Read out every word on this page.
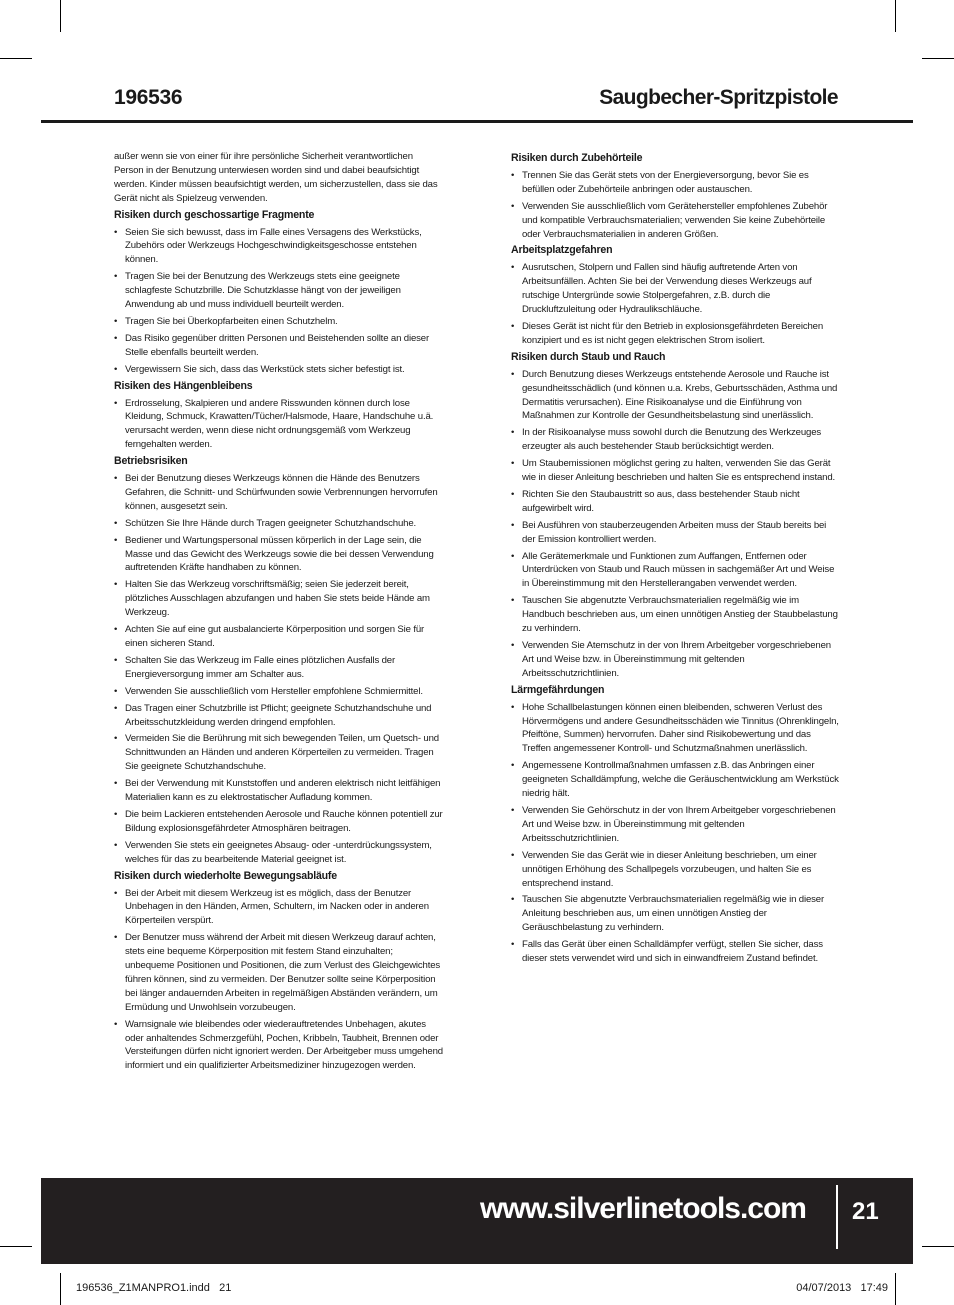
196536	Saugbecher-Spritzpistole

außer wenn sie von einer für ihre persönliche Sicherheit verantwortlichen Person in der Benutzung unterwiesen worden sind und dabei beaufsichtigt werden. Kinder müssen beaufsichtigt werden, um sicherzustellen, dass sie das Gerät nicht als Spielzeug verwenden.

Risiken durch geschossartige Fragmente
• Seien Sie sich bewusst, dass im Falle eines Versagens des Werkstücks, Zubehörs oder Werkzeugs Hochgeschwindigkeitsgeschosse entstehen können.
• Tragen Sie bei der Benutzung des Werkzeugs stets eine geeignete schlagfeste Schutzbrille. Die Schutzklasse hängt von der jeweiligen Anwendung ab und muss individuell beurteilt werden.
• Tragen Sie bei Überkopfarbeiten einen Schutzhelm.
• Das Risiko gegenüber dritten Personen und Beistehenden sollte an dieser Stelle ebenfalls beurteilt werden.
• Vergewissern Sie sich, dass das Werkstück stets sicher befestigt ist.
Risiken des Hängenbleibens
• Erdrosselung, Skalpieren und andere Risswunden können durch lose Kleidung, Schmuck, Krawatten/Tücher/Halsmode, Haare, Handschuhe u.ä. verursacht werden, wenn diese nicht ordnungsgemäß vom Werkzeug ferngehalten werden.
Betriebsrisiken
• Bei der Benutzung dieses Werkzeugs können die Hände des Benutzers Gefahren, die Schnitt- und Schürfwunden sowie Verbrennungen hervorrufen können, ausgesetzt sein.
• Schützen Sie Ihre Hände durch Tragen geeigneter Schutzhandschuhe.
• Bediener und Wartungspersonal müssen körperlich in der Lage sein, die Masse und das Gewicht des Werkzeugs sowie die bei dessen Verwendung auftretenden Kräfte handhaben zu können.
• Halten Sie das Werkzeug vorschriftsmäßig; seien Sie jederzeit bereit, plötzliches Ausschlagen abzufangen und haben Sie stets beide Hände am Werkzeug.
• Achten Sie auf eine gut ausbalancierte Körperposition und sorgen Sie für einen sicheren Stand.
• Schalten Sie das Werkzeug im Falle eines plötzlichen Ausfalls der Energieversorgung immer am Schalter aus.
• Verwenden Sie ausschließlich vom Hersteller empfohlene Schmiermittel.
• Das Tragen einer Schutzbrille ist Pflicht; geeignete Schutzhandschuhe und Arbeitsschutzkleidung werden dringend empfohlen.
• Vermeiden Sie die Berührung mit sich bewegenden Teilen, um Quetsch- und Schnittwunden an Händen und anderen Körperteilen zu vermeiden. Tragen Sie geeignete Schutzhandschuhe.
• Bei der Verwendung mit Kunststoffen und anderen elektrisch nicht leitfähigen Materialien kann es zu elektrostatischer Aufladung kommen.
• Die beim Lackieren entstehenden Aerosole und Rauche können potentiell zur Bildung explosionsgefährdeter Atmosphären beitragen.
• Verwenden Sie stets ein geeignetes Absaug- oder -unterdrückungssystem, welches für das zu bearbeitende Material geeignet ist.
Risiken durch wiederholte Bewegungsabläufe
• Bei der Arbeit mit diesem Werkzeug ist es möglich, dass der Benutzer Unbehagen in den Händen, Armen, Schultern, im Nacken oder in anderen Körperteilen verspürt.
• Der Benutzer muss während der Arbeit mit diesen Werkzeug darauf achten, stets eine bequeme Körperposition mit festem Stand einzuhalten; unbequeme Positionen und Positionen, die zum Verlust des Gleichgewichtes führen können, sind zu vermeiden. Der Benutzer sollte seine Körperposition bei länger andauernden Arbeiten in regelmäßigen Abständen verändern, um Ermüdung und Unwohlsein vorzubeugen.
• Warnsignale wie bleibendes oder wiederauftretendes Unbehagen, akutes oder anhaltendes Schmerzgefühl, Pochen, Kribbeln, Taubheit, Brennen oder Versteifungen dürfen nicht ignoriert werden. Der Arbeitgeber muss umgehend informiert und ein qualifizierter Arbeitsmediziner hinzugezogen werden.
Risiken durch Zubehörteile
• Trennen Sie das Gerät stets von der Energieversorgung, bevor Sie es befüllen oder Zubehörteile anbringen oder austauschen.
• Verwenden Sie ausschließlich vom Gerätehersteller empfohlenes Zubehör und kompatible Verbrauchsmaterialien; verwenden Sie keine Zubehörteile oder Verbrauchsmaterialien in anderen Größen.
Arbeitsplatzgefahren
• Ausrutschen, Stolpern und Fallen sind häufig auftretende Arten von Arbeitsunfällen. Achten Sie bei der Verwendung dieses Werkzeugs auf rutschige Untergründe sowie Stolpergefahren, z.B. durch die Druckluftzuleitung oder Hydraulikschläuche.
• Dieses Gerät ist nicht für den Betrieb in explosionsgefährdeten Bereichen konzipiert und es ist nicht gegen elektrischen Strom isoliert.
Risiken durch Staub und Rauch
• Durch Benutzung dieses Werkzeugs entstehende Aerosole und Rauche ist gesundheitsschädlich (und können u.a. Krebs, Geburtsschäden, Asthma und Dermatitis verursachen). Eine Risikoanalyse und die Einführung von Maßnahmen zur Kontrolle der Gesundheitsbelastung sind unerlässlich.
• In der Risikoanalyse muss sowohl durch die Benutzung des Werkzeuges erzeugter als auch bestehender Staub berücksichtigt werden.
• Um Staubemissionen möglichst gering zu halten, verwenden Sie das Gerät wie in dieser Anleitung beschrieben und halten Sie es entsprechend instand.
• Richten Sie den Staubaustritt so aus, dass bestehender Staub nicht aufgewirbelt wird.
• Bei Ausführen von stauberzeugenden Arbeiten muss der Staub bereits bei der Emission kontrolliert werden.
• Alle Gerätemerkmale und Funktionen zum Auffangen, Entfernen oder Unterdrücken von Staub und Rauch müssen in sachgemäßer Art und Weise in Übereinstimmung mit den Herstellerangaben verwendet werden.
• Tauschen Sie abgenutzte Verbrauchsmaterialien regelmäßig wie im Handbuch beschrieben aus, um einen unnötigen Anstieg der Staubbelastung zu verhindern.
• Verwenden Sie Atemschutz in der von Ihrem Arbeitgeber vorgeschriebenen Art und Weise bzw. in Übereinstimmung mit geltenden Arbeitsschutzrichtlinien.
Lärmgefährdungen
• Hohe Schallbelastungen können einen bleibenden, schweren Verlust des Hörvermögens und andere Gesundheitsschäden wie Tinnitus (Ohrenklingeln, Pfeiftöne, Summen) hervorrufen. Daher sind Risikobewertung und das Treffen angemessener Kontroll- und Schutzmaßnahmen unerlässlich.
• Angemessene Kontrollmaßnahmen umfassen z.B. das Anbringen einer geeigneten Schalldämpfung, welche die Geräuschentwicklung am Werkstück niedrig hält.
• Verwenden Sie Gehörschutz in der von Ihrem Arbeitgeber vorgeschriebenen Art und Weise bzw. in Übereinstimmung mit geltenden Arbeitsschutzrichtlinien.
• Verwenden Sie das Gerät wie in dieser Anleitung beschrieben, um einer unnötigen Erhöhung des Schallpegels vorzubeugen, und halten Sie es entsprechend instand.
• Tauschen Sie abgenutzte Verbrauchsmaterialien regelmäßig wie in dieser Anleitung beschrieben aus, um einen unnötigen Anstieg der Geräuschbelastung zu verhindern.
• Falls das Gerät über einen Schalldämpfer verfügt, stellen Sie sicher, dass dieser stets verwendet wird und sich in einwandfreiem Zustand befindet.
www.silverlinetools.com 21
196536_Z1MANPRO1.indd   21	04/07/2013   17:49
